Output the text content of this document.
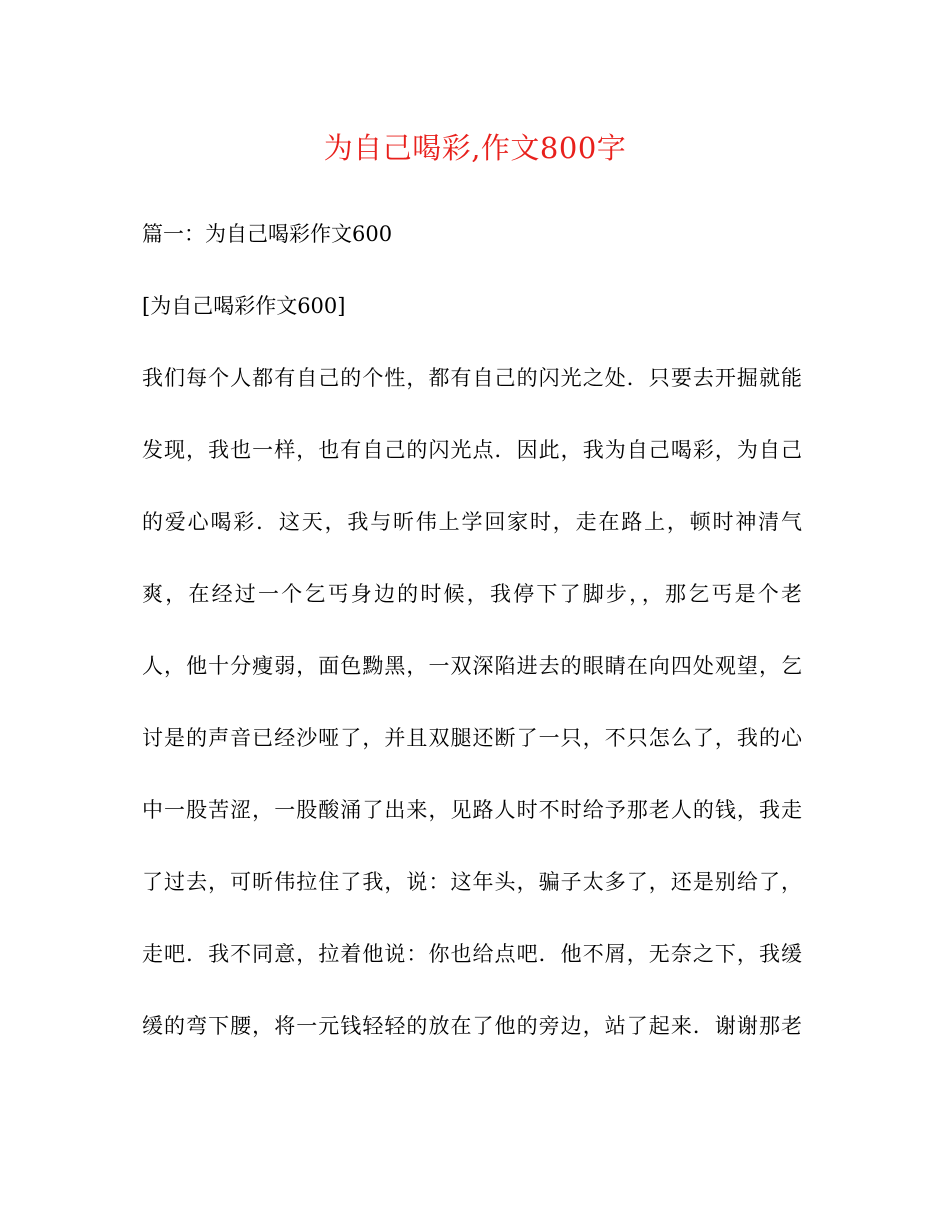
为自己喝彩,作文800字
篇一：为自己喝彩作文600
[为自己喝彩作文600]
我们每个人都有自己的个性，都有自己的闪光之处．只要去开掘就能
发现，我也一样，也有自己的闪光点．因此，我为自己喝彩，为自己
的爱心喝彩．这天，我与昕伟上学回家时，走在路上，顿时神清气
爽，在经过一个乞丐身边的时候，我停下了脚步，，那乞丐是个老
人，他十分瘦弱，面色黝黑，一双深陷进去的眼睛在向四处观望，乞
讨是的声音已经沙哑了，并且双腿还断了一只，不只怎么了，我的心
中一股苦涩，一股酸涌了出来，见路人时不时给予那老人的钱，我走
了过去，可昕伟拉住了我，说：这年头，骗子太多了，还是别给了，
走吧．我不同意，拉着他说：你也给点吧．他不屑，无奈之下，我缓
缓的弯下腰，将一元钱轻轻的放在了他的旁边，站了起来．谢谢那老
